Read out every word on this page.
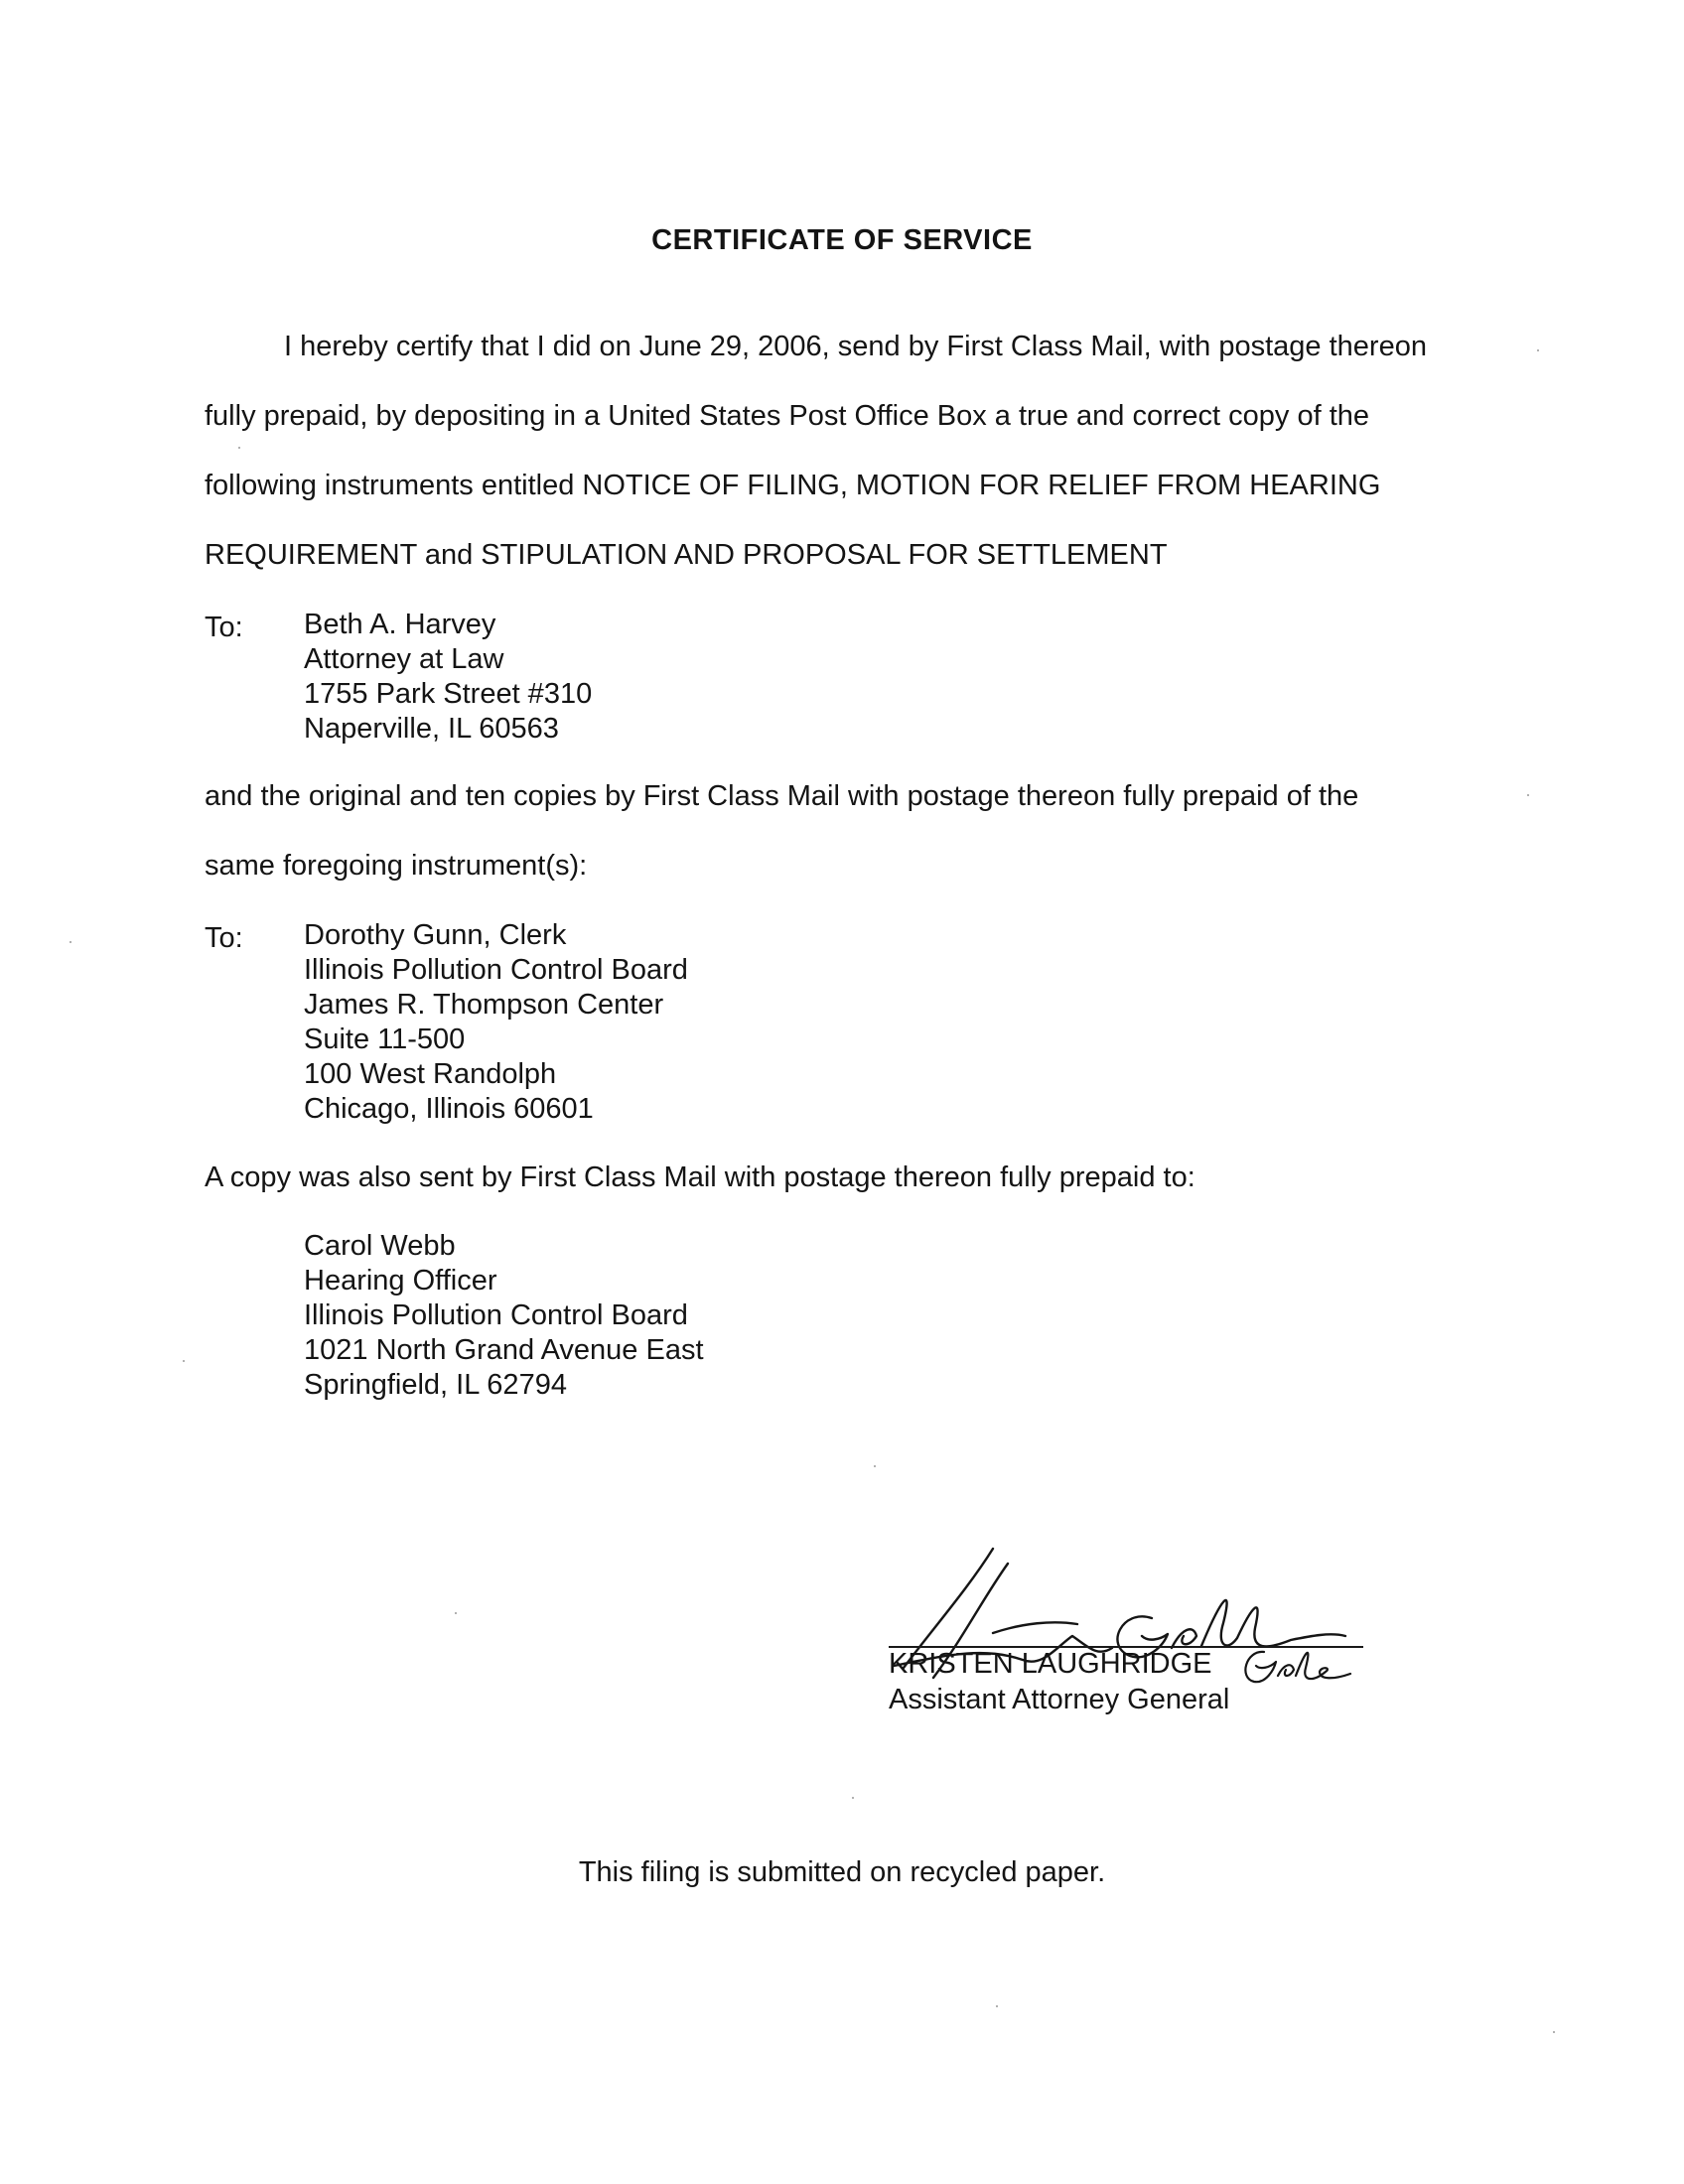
CERTIFICATE OF SERVICE
I hereby certify that I did on June 29, 2006, send by First Class Mail, with postage thereon
fully prepaid, by depositing in a United States Post Office Box a true and correct copy of the
following instruments entitled NOTICE OF FILING, MOTION FOR RELIEF FROM HEARING
REQUIREMENT and STIPULATION AND PROPOSAL FOR SETTLEMENT
To: Beth A. Harvey
Attorney at Law
1755 Park Street #310
Naperville, IL 60563
and the original and ten copies by First Class Mail with postage thereon fully prepaid of the
same foregoing instrument(s):
To: Dorothy Gunn, Clerk
Illinois Pollution Control Board
James R. Thompson Center
Suite 11-500
100 West Randolph
Chicago, Illinois 60601
A copy was also sent by First Class Mail with postage thereon fully prepaid to:
Carol Webb
Hearing Officer
Illinois Pollution Control Board
1021 North Grand Avenue East
Springfield, IL 62794
KRISTEN LAUGHRIDGE
Assistant Attorney General
This filing is submitted on recycled paper.
